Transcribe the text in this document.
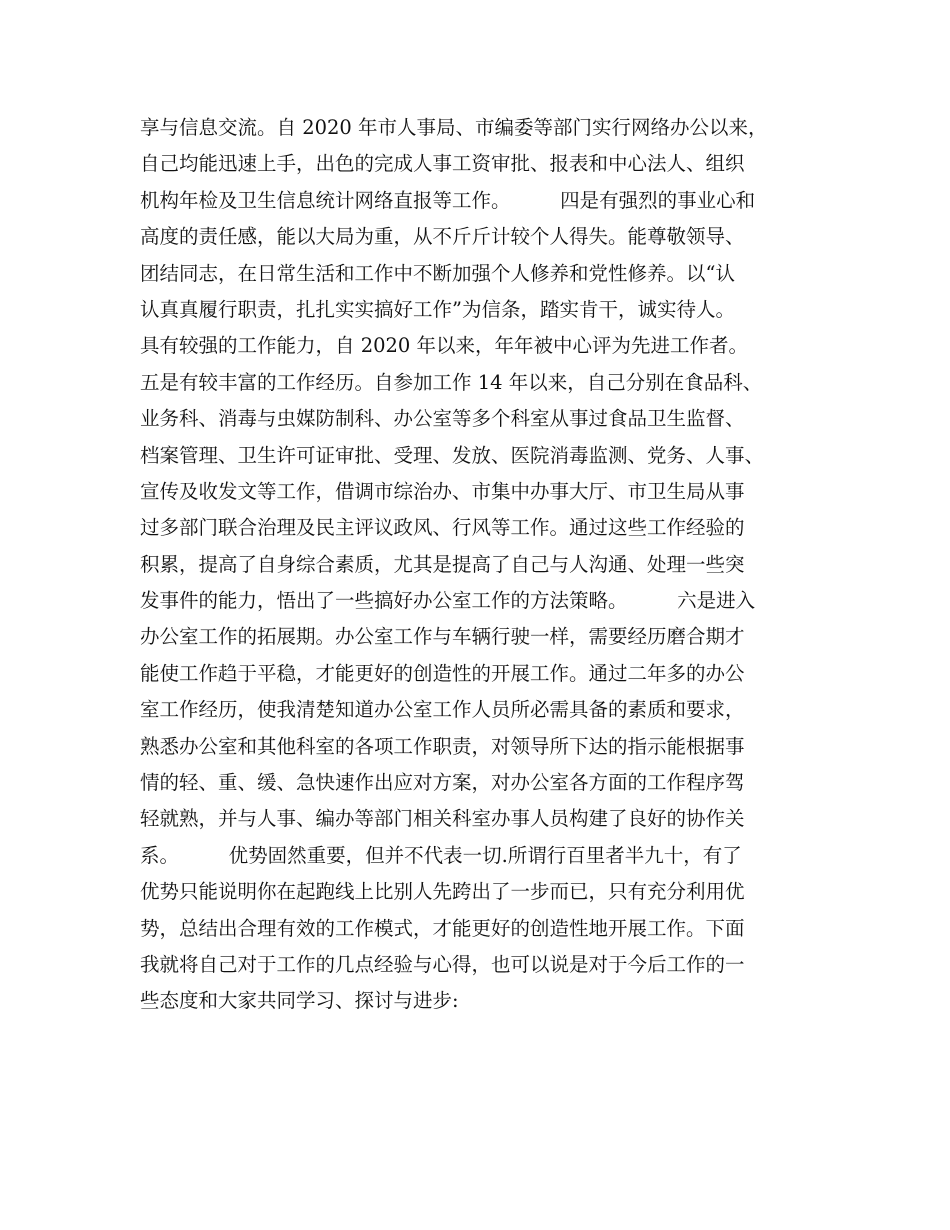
享与信息交流。自 2020 年市人事局、市编委等部门实行网络办公以来，
自己均能迅速上手，出色的完成人事工资审批、报表和中心法人、组织
机构年检及卫生信息统计网络直报等工作。        四是有强烈的事业心和
高度的责任感，能以大局为重，从不斤斤计较个人得失。能尊敬领导、
团结同志，在日常生活和工作中不断加强个人修养和党性修养。以“认
认真真履行职责，扎扎实实搞好工作”为信条，踏实肯干，诚实待人。
具有较强的工作能力，自 2020 年以来，年年被中心评为先进工作者。
五是有较丰富的工作经历。自参加工作 14 年以来，自己分别在食品科、
业务科、消毒与虫媒防制科、办公室等多个科室从事过食品卫生监督、
档案管理、卫生许可证审批、受理、发放、医院消毒监测、党务、人事、
宣传及收发文等工作，借调市综治办、市集中办事大厅、市卫生局从事
过多部门联合治理及民主评议政风、行风等工作。通过这些工作经验的
积累，提高了自身综合素质，尤其是提高了自己与人沟通、处理一些突
发事件的能力，悟出了一些搞好办公室工作的方法策略。        六是进入
办公室工作的拓展期。办公室工作与车辆行驶一样，需要经历磨合期才
能使工作趋于平稳，才能更好的创造性的开展工作。通过二年多的办公
室工作经历，使我清楚知道办公室工作人员所必需具备的素质和要求，
熟悉办公室和其他科室的各项工作职责，对领导所下达的指示能根据事
情的轻、重、缓、急快速作出应对方案，对办公室各方面的工作程序驾
轻就熟，并与人事、编办等部门相关科室办事人员构建了良好的协作关
系。        优势固然重要，但并不代表一切.所谓行百里者半九十，有了
优势只能说明你在起跑线上比别人先跨出了一步而已，只有充分利用优
势，总结出合理有效的工作模式，才能更好的创造性地开展工作。下面
我就将自己对于工作的几点经验与心得，也可以说是对于今后工作的一
些态度和大家共同学习、探讨与进步:
